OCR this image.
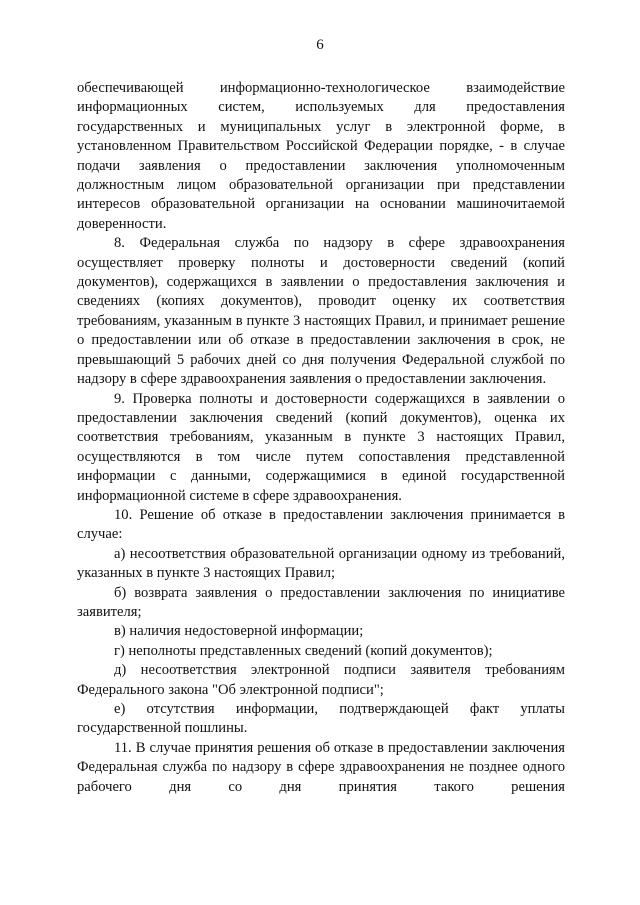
6

обеспечивающей информационно-технологическое взаимодействие информационных систем, используемых для предоставления государственных и муниципальных услуг в электронной форме, в установленном Правительством Российской Федерации порядке, - в случае подачи заявления о предоставлении заключения уполномоченным должностным лицом образовательной организации при представлении интересов образовательной организации на основании машиночитаемой доверенности.

8. Федеральная служба по надзору в сфере здравоохранения осуществляет проверку полноты и достоверности сведений (копий документов), содержащихся в заявлении о предоставления заключения и сведениях (копиях документов), проводит оценку их соответствия требованиям, указанным в пункте 3 настоящих Правил, и принимает решение о предоставлении или об отказе в предоставлении заключения в срок, не превышающий 5 рабочих дней со дня получения Федеральной службой по надзору в сфере здравоохранения заявления о предоставлении заключения.

9. Проверка полноты и достоверности содержащихся в заявлении о предоставлении заключения сведений (копий документов), оценка их соответствия требованиям, указанным в пункте 3 настоящих Правил, осуществляются в том числе путем сопоставления представленной информации с данными, содержащимися в единой государственной информационной системе в сфере здравоохранения.

10. Решение об отказе в предоставлении заключения принимается в случае:

а) несоответствия образовательной организации одному из требований, указанных в пункте 3 настоящих Правил;

б) возврата заявления о предоставлении заключения по инициативе заявителя;

в) наличия недостоверной информации;

г) неполноты представленных сведений (копий документов);

д) несоответствия электронной подписи заявителя требованиям Федерального закона "Об электронной подписи";

е) отсутствия информации, подтверждающей факт уплаты государственной пошлины.

11. В случае принятия решения об отказе в предоставлении заключения Федеральная служба по надзору в сфере здравоохранения не позднее одного рабочего дня со дня принятия такого решения
